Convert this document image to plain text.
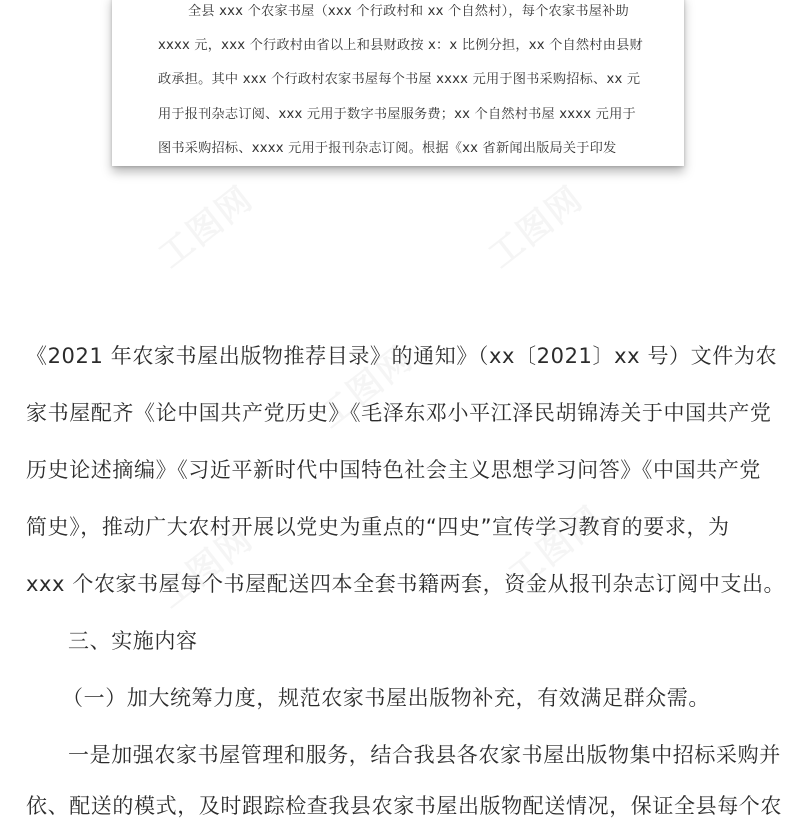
工图网	工图网
工图网
工图网	工图网
全县 xxx 个农家书屋（xxx 个行政村和 xx 个自然村），每个农家书屋补助
xxxx 元，xxx 个行政村由省以上和县财政按 x：x 比例分担，xx 个自然村由县财
政承担。其中 xxx 个行政村农家书屋每个书屋 xxxx 元用于图书采购招标、xx 元
用于报刊杂志订阅、xxx 元用于数字书屋服务费；xx 个自然村书屋 xxxx 元用于
图书采购招标、xxxx 元用于报刊杂志订阅。根据《xx 省新闻出版局关于印发
《2021 年农家书屋出版物推荐目录》的通知》（xx〔2021〕xx 号）文件为农
家书屋配齐《论中国共产党历史》《毛泽东邓小平江泽民胡锦涛关于中国共产党
历史论述摘编》《习近平新时代中国特色社会主义思想学习问答》《中国共产党
简史》，推动广大农村开展以党史为重点的“四史”宣传学习教育的要求，为
xxx 个农家书屋每个书屋配送四本全套书籍两套，资金从报刊杂志订阅中支出。
三、实施内容
（一）加大统筹力度，规范农家书屋出版物补充，有效满足群众需。
一是加强农家书屋管理和服务，结合我县各农家书屋出版物集中招标采购并
依、配送的模式，及时跟踪检查我县农家书屋出版物配送情况，保证全县每个农
